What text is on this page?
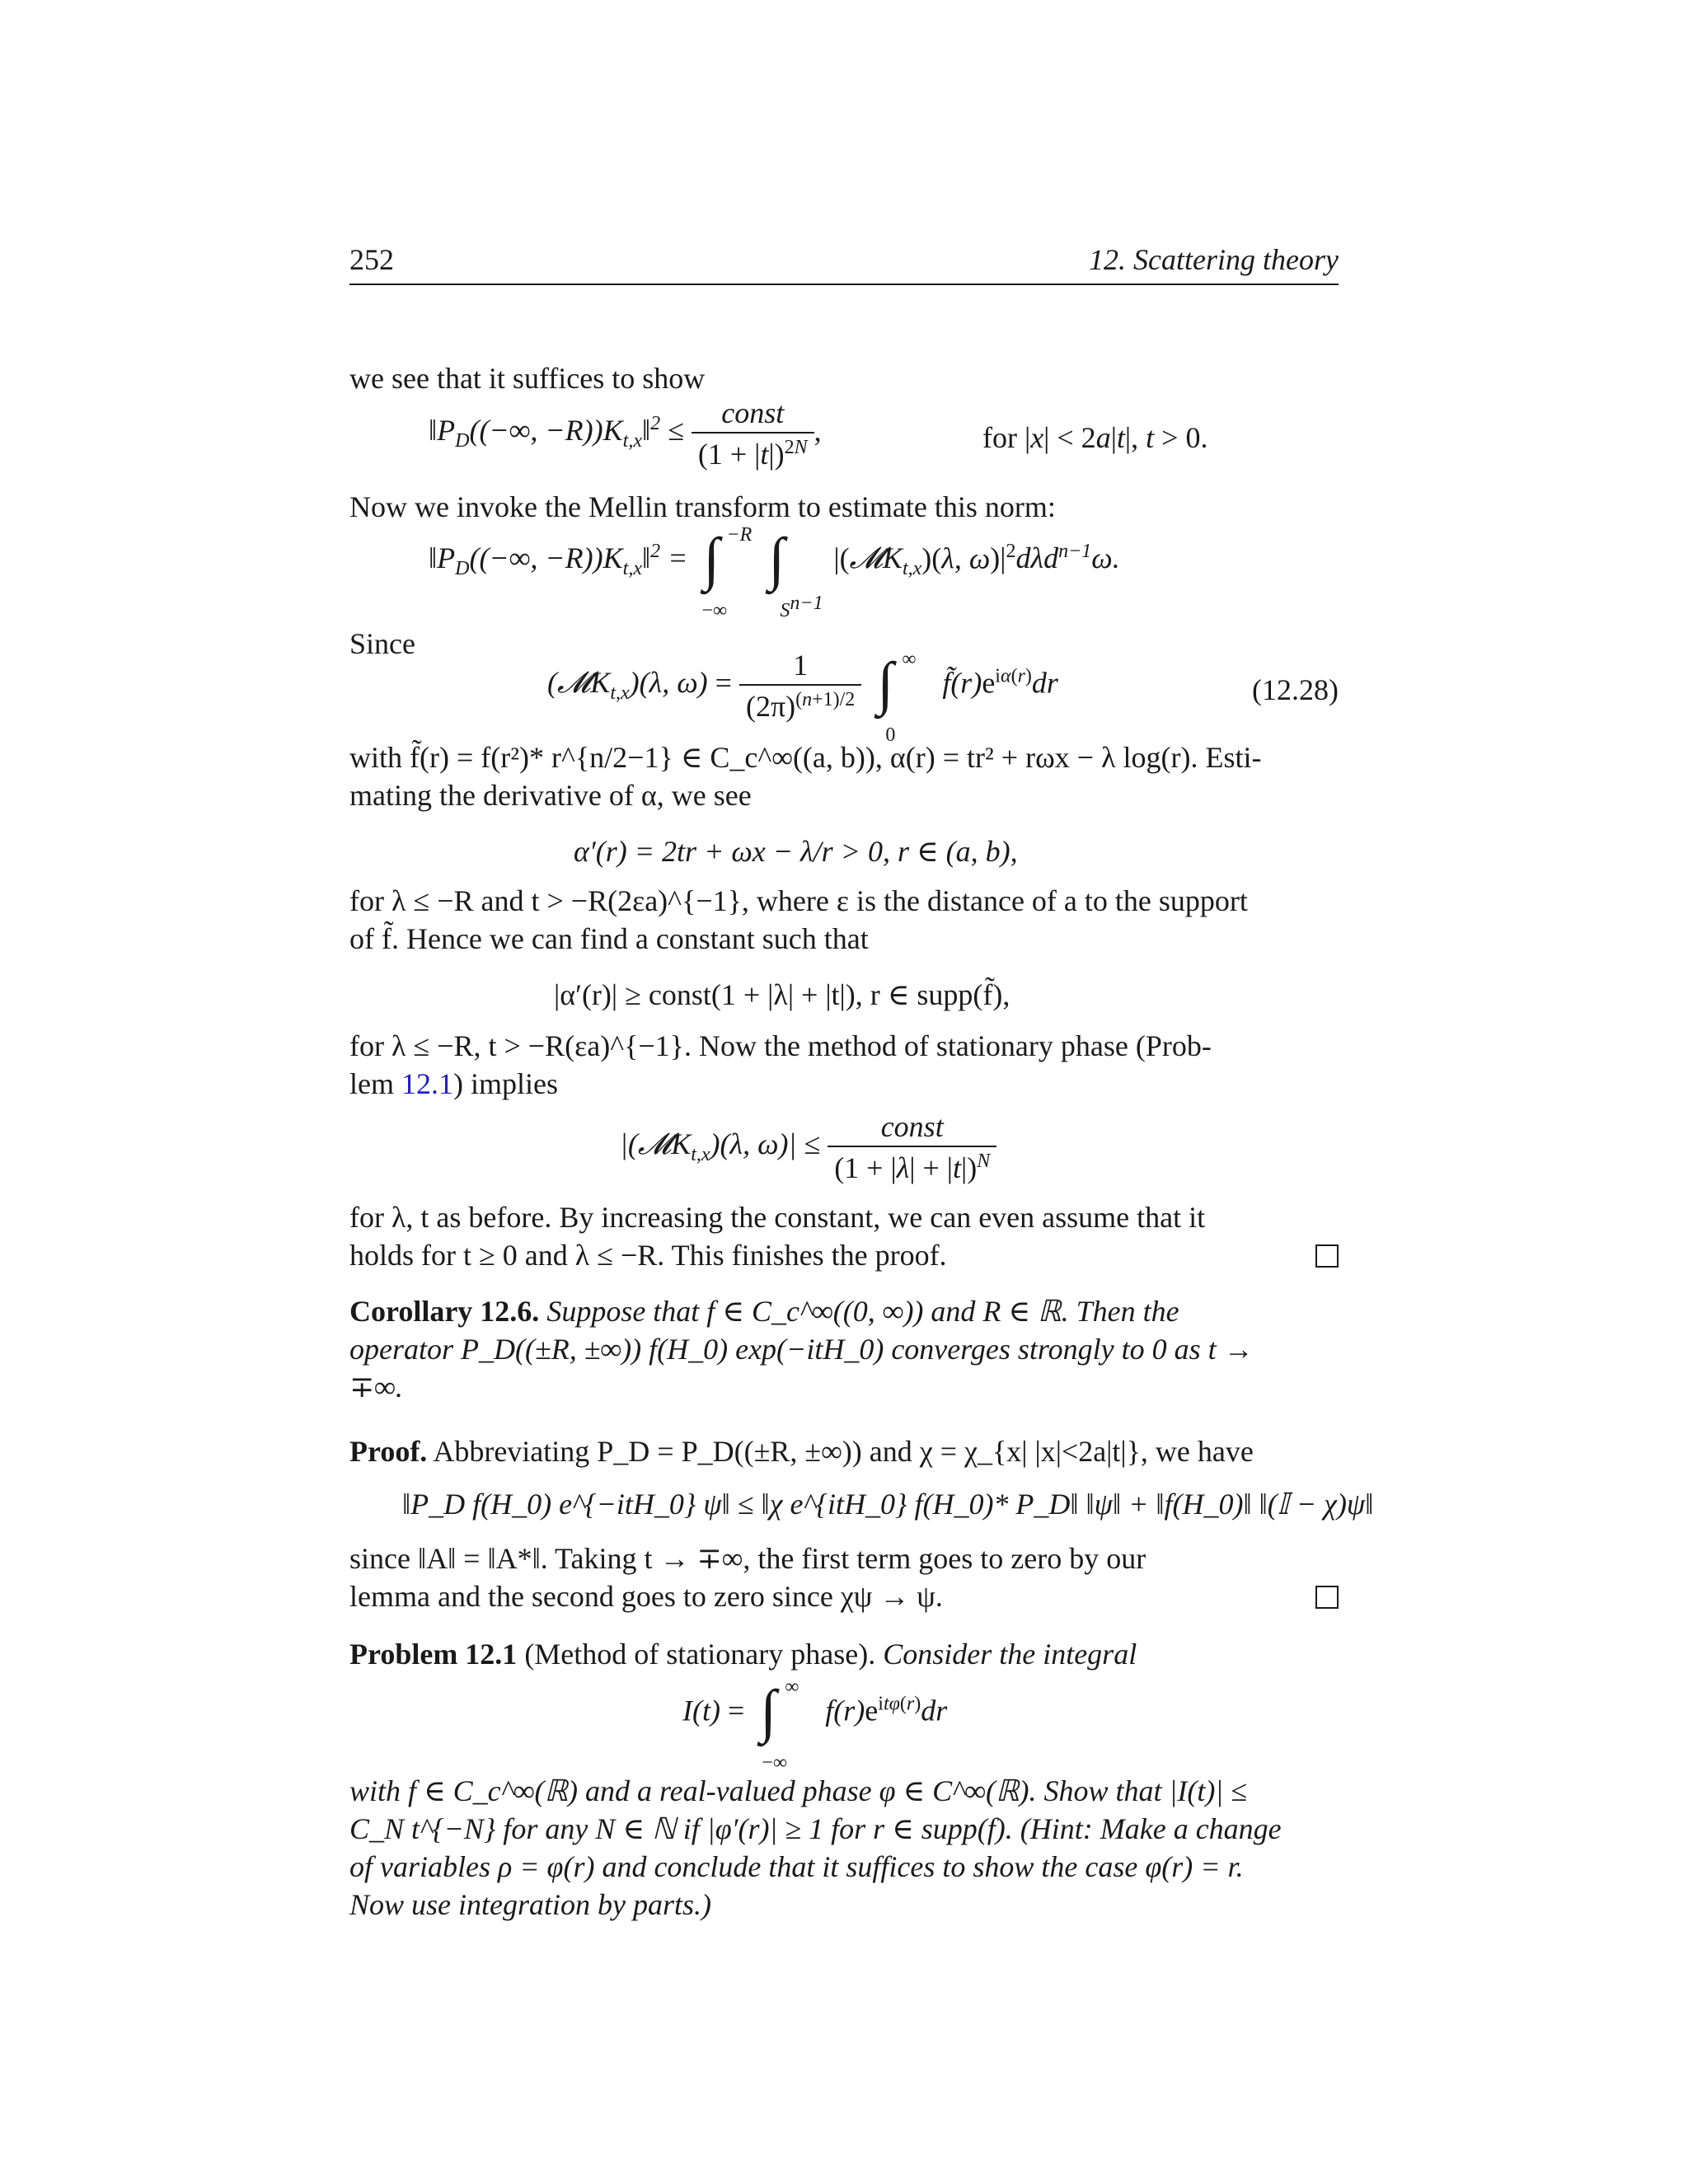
252	12. Scattering theory
we see that it suffices to show
$‖P_D((-\infty$, $-R))K_{t,x}‖^2 \le \frac{\text{const}}{(1 + |t|)^{2N}}$ ,	for |x| < 2a|t|, t > 0.
Now we invoke the Mellin transform to estimate this norm:
$‖P_D((-\infty$, $-R))K_{t,x}‖^2$ = ∫ −R
−∞

∫
$S^{n-1}$
|(𝓜K$_{t,x}$)(λ, $\omega)|^2d\lambda d^{n-1}\omega$.
Since
(𝓜K$_{t,x}$)(λ, $\omega) = \frac{1}{(2\pi)^{(n+1)/2}}$
∫ ∞
0
$f̃(r)e^{i\alpha(r)}dr$	(12.28)
with f̃(r) = f(r²)* r^{n/2−1} ∈ C_c^∞((a, b)), α(r) = tr² + rωx − λ log(r). Esti-
mating the derivative of α, we see
α′(r) = 2tr + ωx − λ/r > 0, r ∈ (a, b),
for λ ≤ −R and t > −R(2εa)^{−1}, where ε is the distance of a to the support
of f̃. Hence we can find a constant such that
|α′(r)| ≥ const(1 + |λ| + |t|), r ∈ supp(f̃),
for λ ≤ −R, t > −R(εa)^{−1}. Now the method of stationary phase (Prob-
lem 12.1) implies
|(𝓜K$_{t,x}$)(λ, $\omega)| \le \frac{\text{const}}{(1 + |\lambda| + |t|)^N}$
for λ, t as before. By increasing the constant, we can even assume that it
holds for t ≥ 0 and λ ≤ −R. This finishes the proof.
Corollary 12.6. Suppose that f ∈ C_c^∞((0, ∞)) and R ∈ ℝ. Then the
operator P_D((±R, ±∞)) f(H_0) exp(−itH_0) converges strongly to 0 as t →
∓∞.
Proof. Abbreviating P_D = P_D((±R, ±∞)) and χ = χ_{x| |x|<2a|t|}, we have
‖P_D f(H_0) e^{−itH_0} ψ‖ ≤ ‖χ e^{itH_0} f(H_0)* P_D‖ ‖ψ‖ + ‖f(H_0)‖ ‖(𝕀 − χ)ψ‖
since ‖A‖ = ‖A*‖. Taking t → ∓∞, the first term goes to zero by our
lemma and the second goes to zero since χψ → ψ.
Problem 12.1 (Method of stationary phase). Consider the integral
I(t) = ∫ ∞
−∞
$f(r)e^{it\varphi(r)}dr$
with f ∈ C_c^∞(ℝ) and a real-valued phase φ ∈ C^∞(ℝ). Show that |I(t)| ≤
C_N t^{−N} for any N ∈ ℕ if |φ′(r)| ≥ 1 for r ∈ supp(f). (Hint: Make a change
of variables ρ = φ(r) and conclude that it suffices to show the case φ(r) = r.
Now use integration by parts.)
